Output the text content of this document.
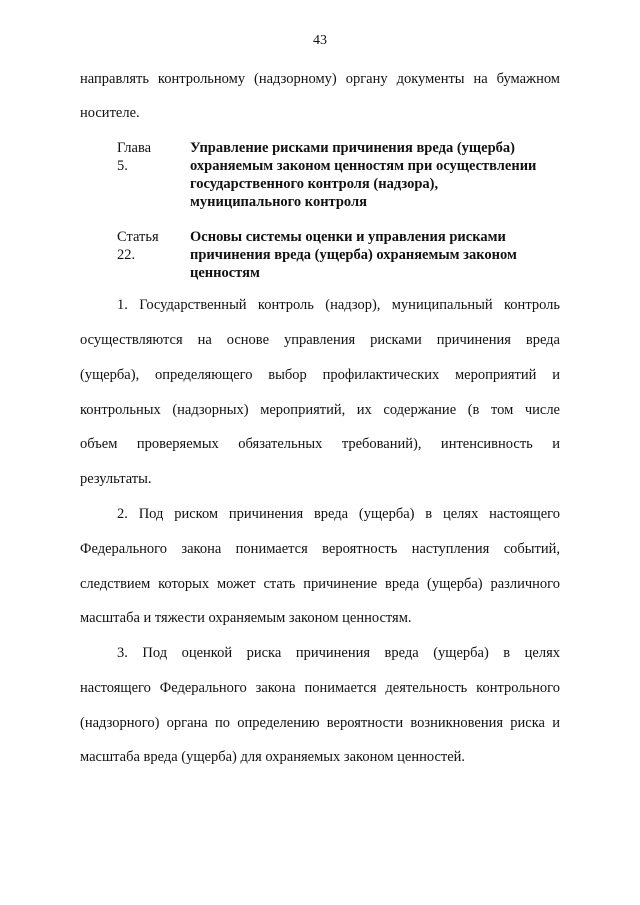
43
направлять контрольному (надзорному) органу документы на бумажном
носителе.
Глава 5.
Управление рисками причинения вреда (ущерба)
охраняемым законом ценностям при осуществлении
государственного контроля (надзора),
муниципального контроля
Статья 22.
Основы системы оценки и управления рисками
причинения вреда (ущерба) охраняемым законом
ценностям
1. Государственный контроль (надзор), муниципальный контроль
осуществляются на основе управления рисками причинения вреда
(ущерба), определяющего выбор профилактических мероприятий и
контрольных (надзорных) мероприятий, их содержание (в том числе
объем проверяемых обязательных требований), интенсивность и
результаты.
2. Под риском причинения вреда (ущерба) в целях настоящего
Федерального закона понимается вероятность наступления событий,
следствием которых может стать причинение вреда (ущерба) различного
масштаба и тяжести охраняемым законом ценностям.
3. Под оценкой риска причинения вреда (ущерба) в целях
настоящего Федерального закона понимается деятельность контрольного
(надзорного) органа по определению вероятности возникновения риска и
масштаба вреда (ущерба) для охраняемых законом ценностей.
